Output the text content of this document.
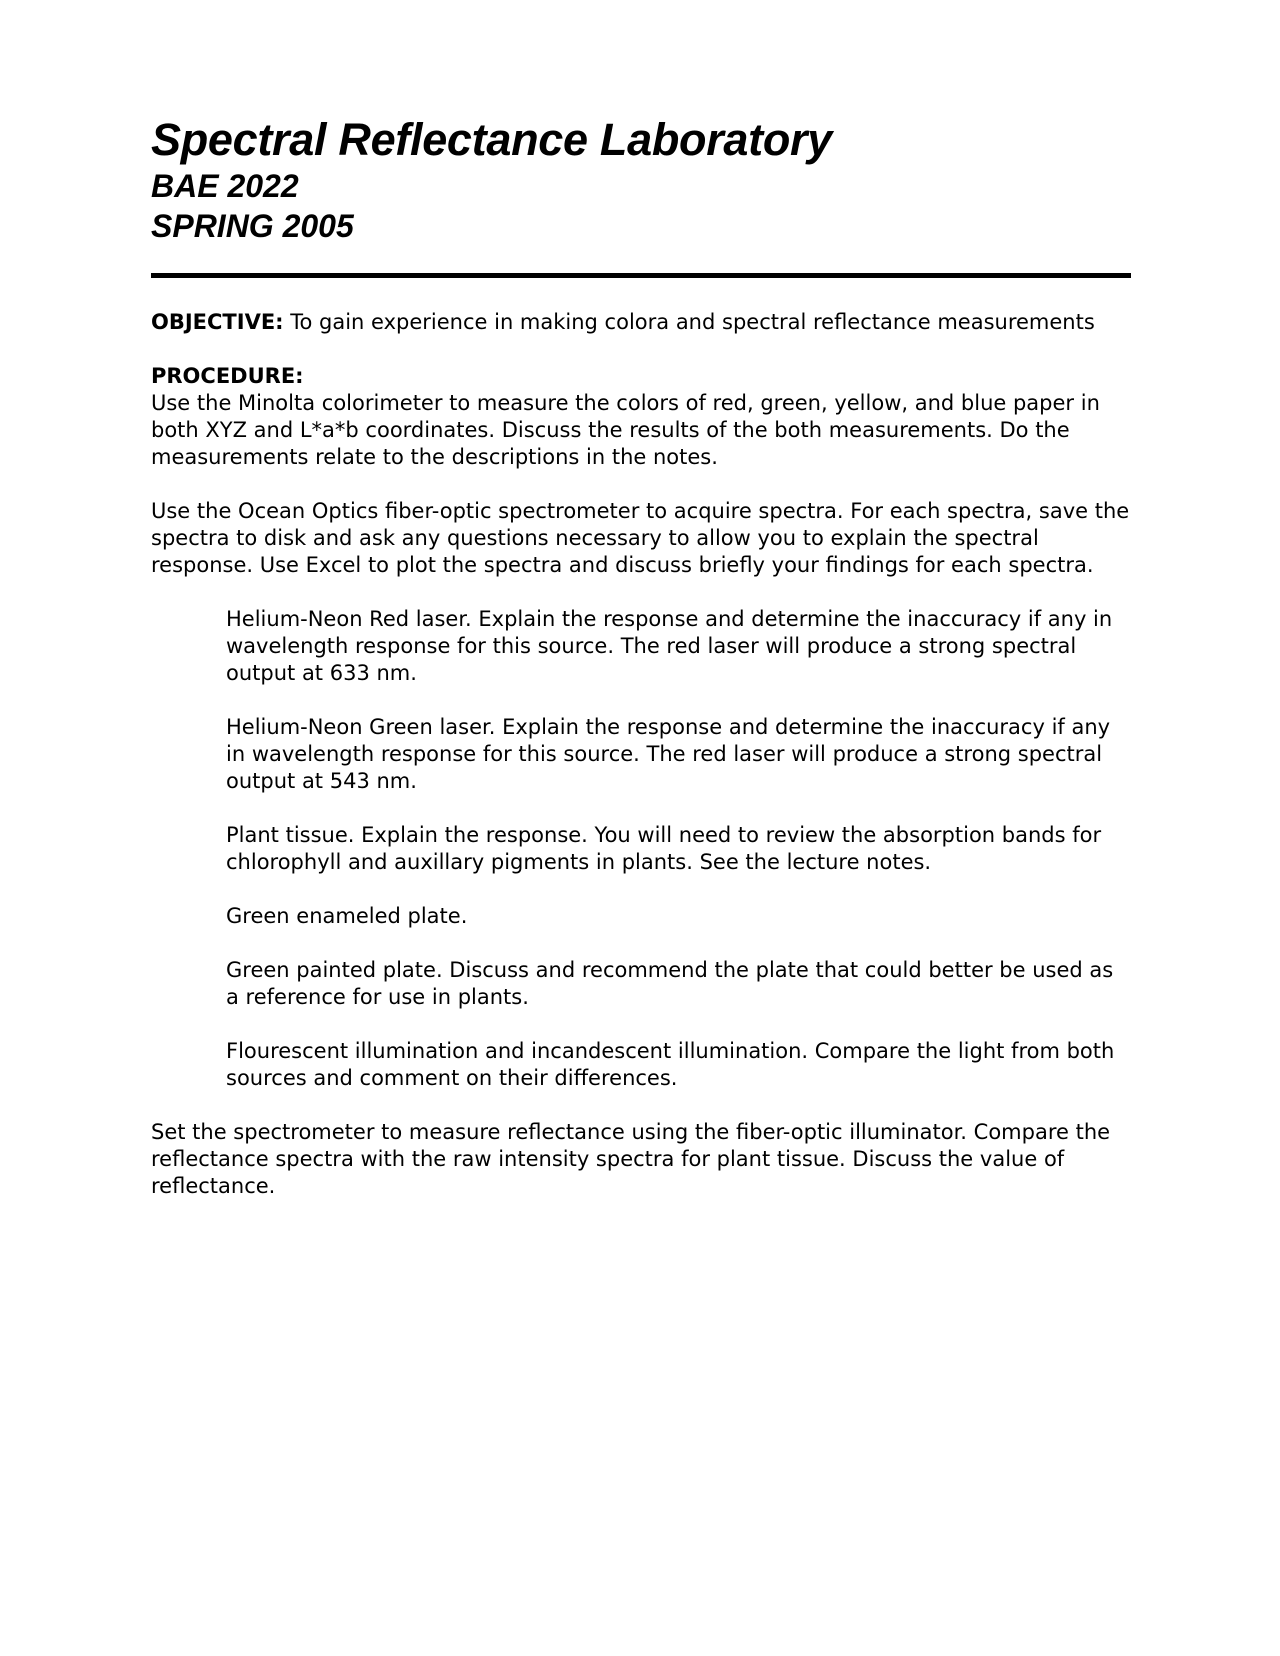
Spectral Reflectance Laboratory
BAE 2022
SPRING 2005

OBJECTIVE: To gain experience in making colora and spectral reflectance measurements

PROCEDURE:

Use the Minolta colorimeter to measure the colors of red, green, yellow, and blue paper in both XYZ and L*a*b coordinates. Discuss the results of the both measurements. Do the measurements relate to the descriptions in the notes.

Use the Ocean Optics fiber-optic spectrometer to acquire spectra. For each spectra, save the spectra to disk and ask any questions necessary to allow you to explain the spectral response. Use Excel to plot the spectra and discuss briefly your findings for each spectra.

Helium-Neon Red laser. Explain the response and determine the inaccuracy if any in wavelength response for this source. The red laser will produce a strong spectral output at 633 nm.

Helium-Neon Green laser. Explain the response and determine the inaccuracy if any in wavelength response for this source. The red laser will produce a strong spectral output at 543 nm.

Plant tissue. Explain the response. You will need to review the absorption bands for chlorophyll and auxillary pigments in plants. See the lecture notes.

Green enameled plate.

Green painted plate. Discuss and recommend the plate that could better be used as a reference for use in plants.

Flourescent illumination and incandescent illumination. Compare the light from both sources and comment on their differences.

Set the spectrometer to measure reflectance using the fiber-optic illuminator. Compare the reflectance spectra with the raw intensity spectra for plant tissue. Discuss the value of reflectance.
